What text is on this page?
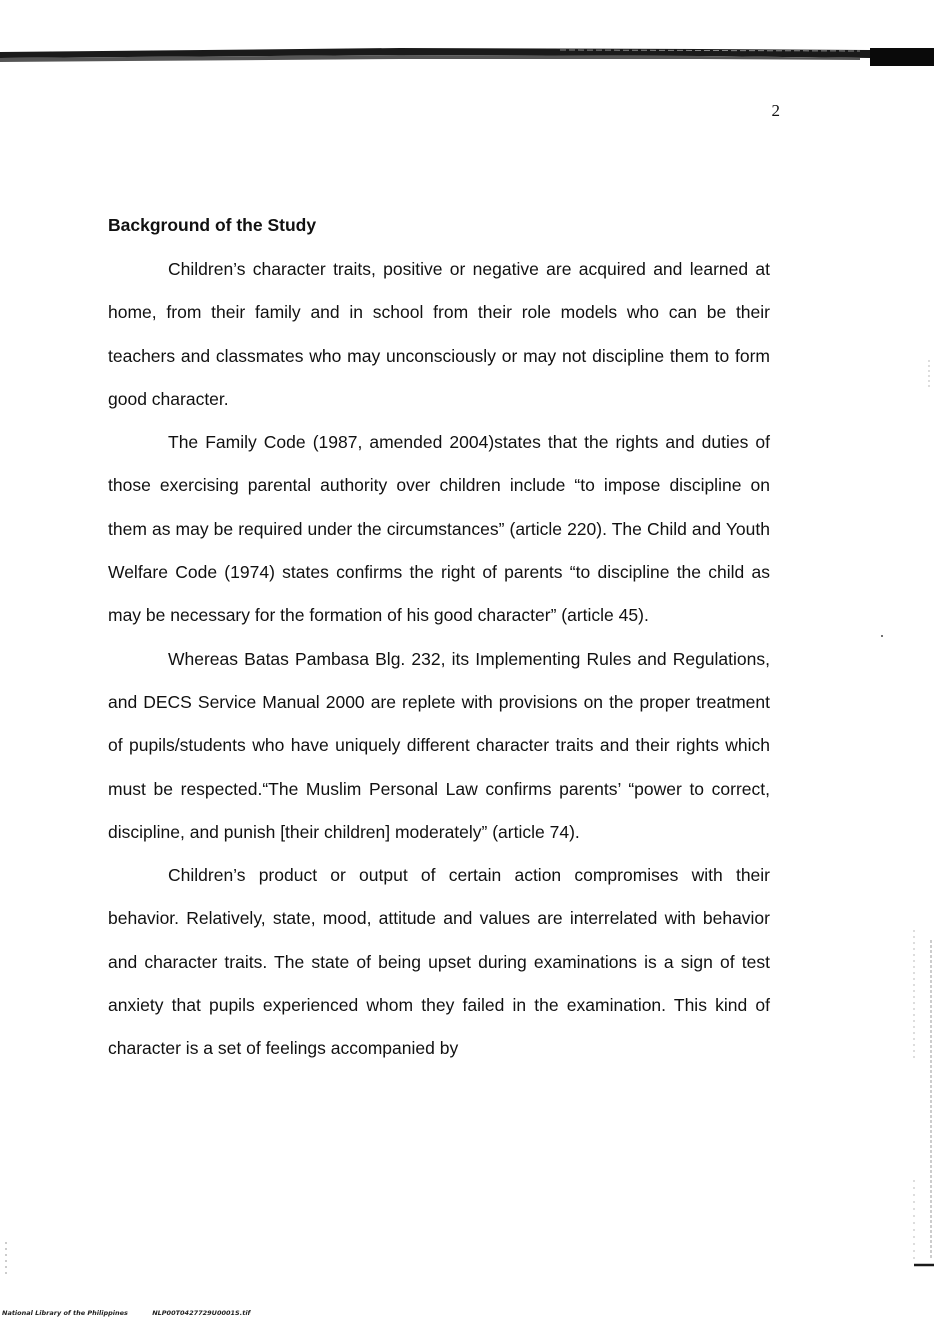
2
Background of the Study

Children’s character traits, positive or negative are acquired and learned at home, from their family and in school from their role models who can be their teachers and classmates who may unconsciously or may not discipline them to form good character.

The Family Code (1987, amended 2004)states that the rights and duties of those exercising parental authority over children include “to impose discipline on them as may be required under the circumstances” (article 220). The Child and Youth Welfare Code (1974) states confirms the right of parents “to discipline the child as may be necessary for the formation of his good character” (article 45).

Whereas Batas Pambasa Blg. 232, its Implementing Rules and Regulations, and DECS Service Manual 2000 are replete with provisions on the proper treatment of pupils/students who have uniquely different character traits and their rights which must be respected.“The Muslim Personal Law confirms parents’ “power to correct, discipline, and punish [their children] moderately” (article 74).

Children’s product or output of certain action compromises with their behavior. Relatively, state, mood, attitude and values are interrelated with behavior and character traits. The state of being upset during examinations is a sign of test anxiety that pupils experienced whom they failed in the examination. This kind of character is a set of feelings accompanied by

National Library of the Philippines	NLP00T0427729U0001S.tif
